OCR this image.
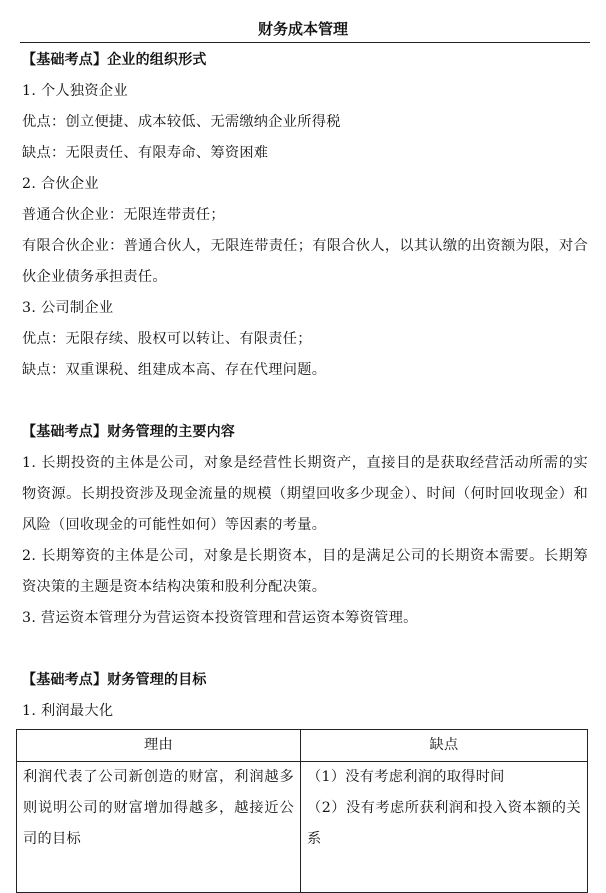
财务成本管理
【基础考点】企业的组织形式
1. 个人独资企业
优点：创立便捷、成本较低、无需缴纳企业所得税
缺点：无限责任、有限寿命、筹资困难
2. 合伙企业
普通合伙企业：无限连带责任；
有限合伙企业：普通合伙人，无限连带责任；有限合伙人，以其认缴的出资额为限，对合伙企业债务承担责任。
3. 公司制企业
优点：无限存续、股权可以转让、有限责任；
缺点：双重课税、组建成本高、存在代理问题。
【基础考点】财务管理的主要内容
1. 长期投资的主体是公司，对象是经营性长期资产，直接目的是获取经营活动所需的实物资源。长期投资涉及现金流量的规模（期望回收多少现金）、时间（何时回收现金）和风险（回收现金的可能性如何）等因素的考量。
2. 长期筹资的主体是公司，对象是长期资本，目的是满足公司的长期资本需要。长期筹资决策的主题是资本结构决策和股利分配决策。
3. 营运资本管理分为营运资本投资管理和营运资本筹资管理。
【基础考点】财务管理的目标
1. 利润最大化
理由	缺点
利润代表了公司新创造的财富，利润越多则说明公司的财富增加得越多，越接近公司的目标	（1）没有考虑利润的取得时间
（2）没有考虑所获利润和投入资本额的关系
